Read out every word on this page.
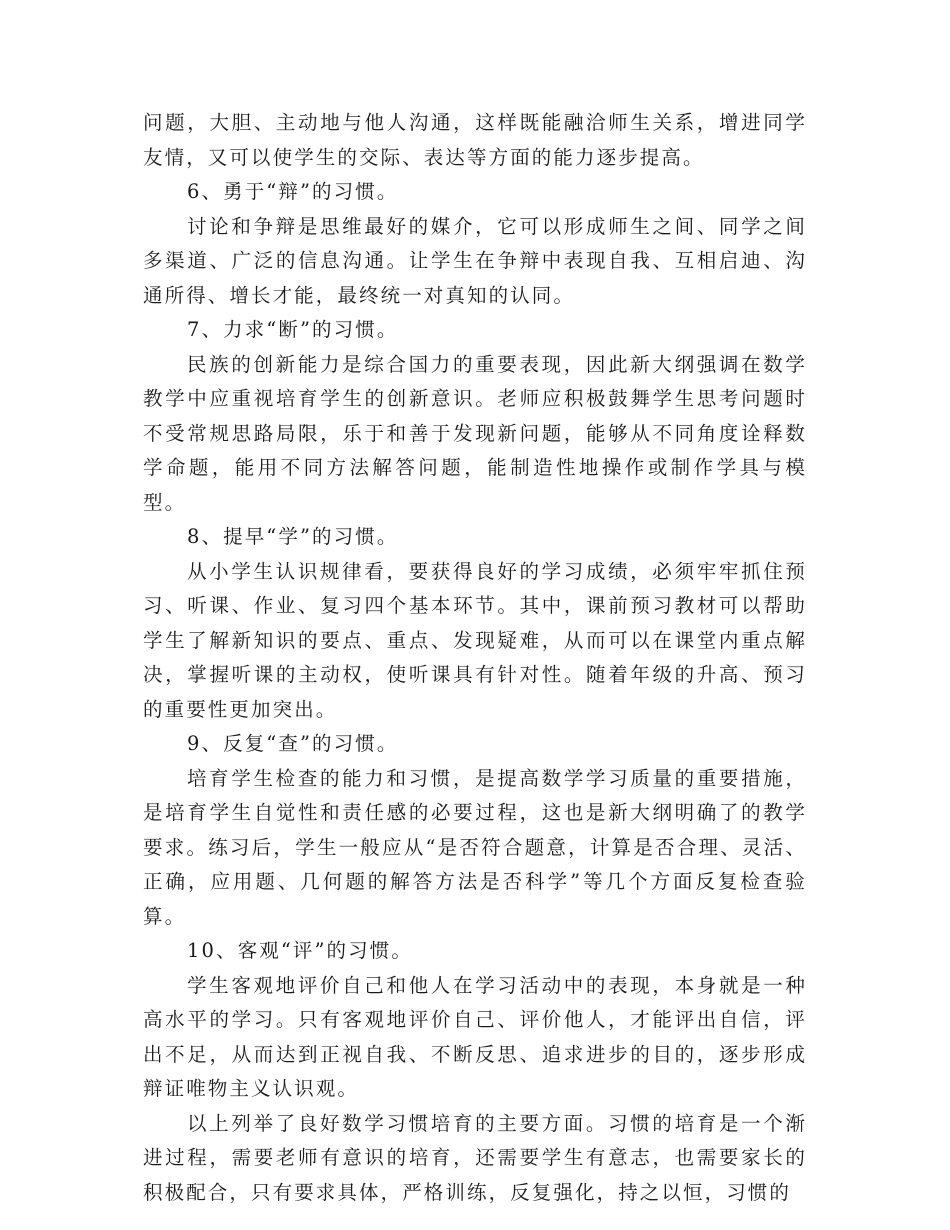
问题，大胆、主动地与他人沟通，这样既能融洽师生关系，增进同学友情，又可以使学生的交际、表达等方面的能力逐步提高。

6、勇于“辩”的习惯。

讨论和争辩是思维最好的媒介，它可以形成师生之间、同学之间多渠道、广泛的信息沟通。让学生在争辩中表现自我、互相启迪、沟通所得、增长才能，最终统一对真知的认同。

7、力求“断”的习惯。

民族的创新能力是综合国力的重要表现，因此新大纲强调在数学教学中应重视培育学生的创新意识。老师应积极鼓舞学生思考问题时不受常规思路局限，乐于和善于发现新问题，能够从不同角度诠释数学命题，能用不同方法解答问题，能制造性地操作或制作学具与模型。

8、提早“学”的习惯。

从小学生认识规律看，要获得良好的学习成绩，必须牢牢抓住预习、听课、作业、复习四个基本环节。其中，课前预习教材可以帮助学生了解新知识的要点、重点、发现疑难，从而可以在课堂内重点解决，掌握听课的主动权，使听课具有针对性。随着年级的升高、预习的重要性更加突出。

9、反复“查”的习惯。

培育学生检查的能力和习惯，是提高数学学习质量的重要措施，是培育学生自觉性和责任感的必要过程，这也是新大纲明确了的教学要求。练习后，学生一般应从“是否符合题意，计算是否合理、灵活、正确，应用题、几何题的解答方法是否科学”等几个方面反复检查验算。

10、客观“评”的习惯。

学生客观地评价自己和他人在学习活动中的表现，本身就是一种高水平的学习。只有客观地评价自己、评价他人，才能评出自信，评出不足，从而达到正视自我、不断反思、追求进步的目的，逐步形成辩证唯物主义认识观。

以上列举了良好数学习惯培育的主要方面。习惯的培育是一个渐进过程，需要老师有意识的培育，还需要学生有意志，也需要家长的积极配合，只有要求具体，严格训练，反复强化，持之以恒，习惯的
